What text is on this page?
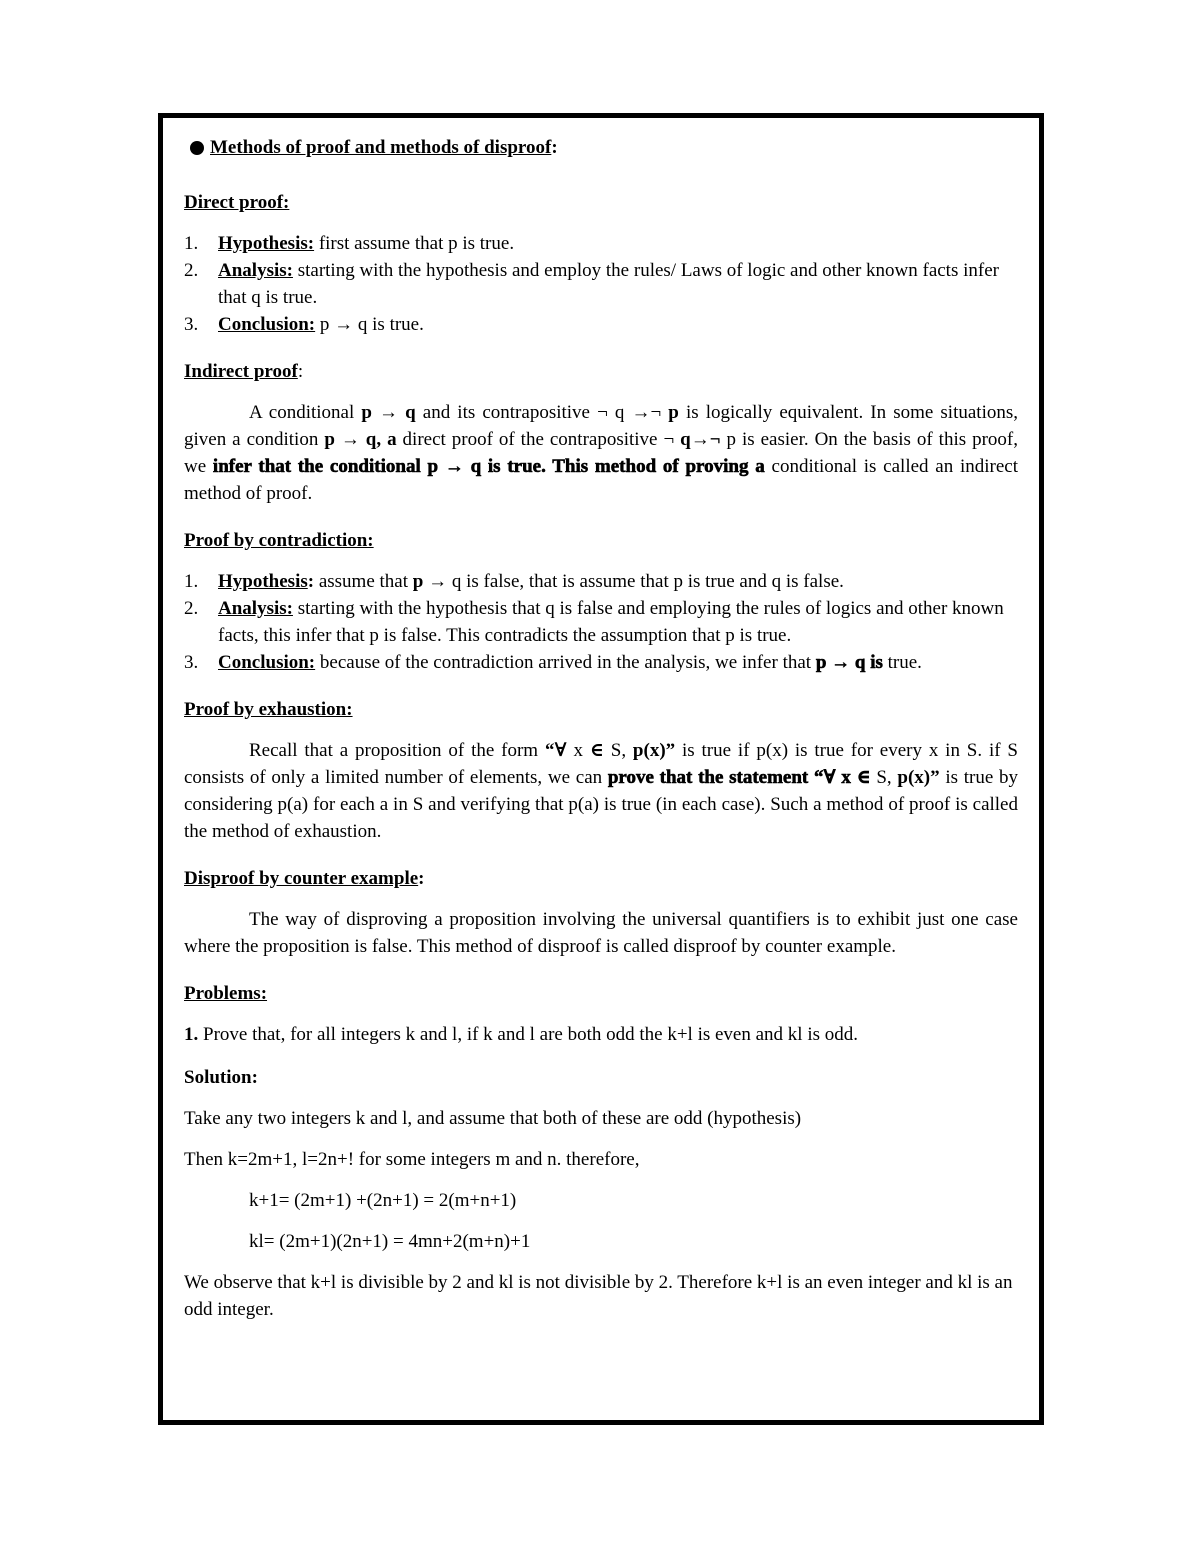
Methods of proof and methods of disproof:

Direct proof:

1.	Hypothesis: first assume that p is true.
2.	Analysis: starting with the hypothesis and employ the rules/ Laws of logic and other known facts infer that q is true.
3.	Conclusion: p → q is true.

Indirect proof:

A conditional p → q and its contrapositive ¬ q →¬ p is logically equivalent. In some situations, given a condition p → q, a direct proof of the contrapositive ¬ q→¬ p is easier. On the basis of this proof, we infer that the conditional p → q is true. This method of proving a conditional is called an indirect method of proof.

Proof by contradiction:

1.	Hypothesis: assume that p → q is false, that is assume that p is true and q is false.
2.	Analysis: starting with the hypothesis that q is false and employing the rules of logics and other known facts, this infer that p is false. This contradicts the assumption that p is true.
3.	Conclusion: because of the contradiction arrived in the analysis, we infer that p → q is true.

Proof by exhaustion:

Recall that a proposition of the form “∀ x ∈ S, p(x)” is true if p(x) is true for every x in S. if S consists of only a limited number of elements, we can prove that the statement “∀ x ∈ S, p(x)” is true by considering p(a) for each a in S and verifying that p(a) is true (in each case). Such a method of proof is called the method of exhaustion.

Disproof by counter example:

The way of disproving a proposition involving the universal quantifiers is to exhibit just one case where the proposition is false. This method of disproof is called disproof by counter example.

Problems:

1. Prove that, for all integers k and l, if k and l are both odd the k+l is even and kl is odd.

Solution:

Take any two integers k and l, and assume that both of these are odd (hypothesis)

Then k=2m+1, l=2n+! for some integers m and n. therefore,

k+1= (2m+1) +(2n+1) = 2(m+n+1)

kl= (2m+1)(2n+1) = 4mn+2(m+n)+1

We observe that k+l is divisible by 2 and kl is not divisible by 2. Therefore k+l is an even integer and kl is an odd integer.
